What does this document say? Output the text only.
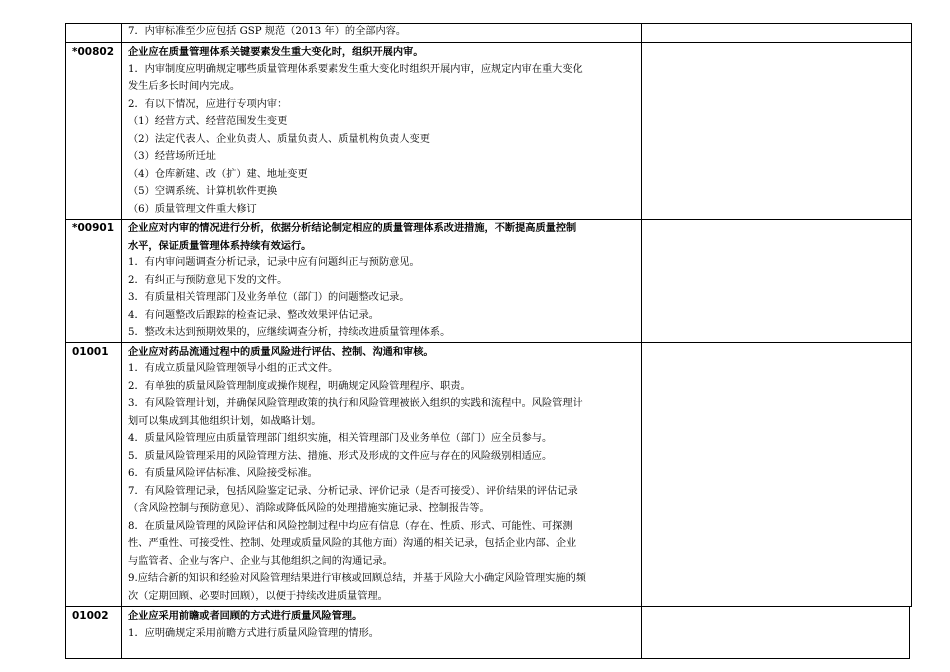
7．内审标准至少应包括 GSP 规范（2013 年）的全部内容。
*00802 企业应在质量管理体系关键要素发生重大变化时，组织开展内审。
1．内审制度应明确规定哪些质量管理体系要素发生重大变化时组织开展内审，应规定内审在重大变化
发生后多长时间内完成。
2．有以下情况，应进行专项内审：
（1）经营方式、经营范围发生变更
（2）法定代表人、企业负责人、质量负责人、质量机构负责人变更
（3）经营场所迁址
（4）仓库新建、改（扩）建、地址变更
（5）空调系统、计算机软件更换
（6）质量管理文件重大修订
*00901 企业应对内审的情况进行分析，依据分析结论制定相应的质量管理体系改进措施，不断提高质量控制
水平，保证质量管理体系持续有效运行。
1．有内审问题调查分析记录，记录中应有问题纠正与预防意见。
2．有纠正与预防意见下发的文件。
3．有质量相关管理部门及业务单位（部门）的问题整改记录。
4．有问题整改后跟踪的检查记录、整改效果评估记录。
5．整改未达到预期效果的，应继续调查分析，持续改进质量管理体系。
01001 企业应对药品流通过程中的质量风险进行评估、控制、沟通和审核。
1．有成立质量风险管理领导小组的正式文件。
2．有单独的质量风险管理制度或操作规程，明确规定风险管理程序、职责。
3．有风险管理计划，并确保风险管理政策的执行和风险管理被嵌入组织的实践和流程中。风险管理计
划可以集成到其他组织计划，如战略计划。
4．质量风险管理应由质量管理部门组织实施，相关管理部门及业务单位（部门）应全员参与。
5．质量风险管理采用的风险管理方法、措施、形式及形成的文件应与存在的风险级别相适应。
6．有质量风险评估标准、风险接受标准。
7．有风险管理记录，包括风险鉴定记录、分析记录、评价记录（是否可接受）、评价结果的评估记录
（含风险控制与预防意见）、消除或降低风险的处理措施实施记录、控制报告等。
8．在质量风险管理的风险评估和风险控制过程中均应有信息（存在、性质、形式、可能性、可探测
性、严重性、可接受性、控制、处理或质量风险的其他方面）沟通的相关记录，包括企业内部、企业
与监管者、企业与客户、企业与其他组织之间的沟通记录。
9.应结合新的知识和经验对风险管理结果进行审核或回顾总结，并基于风险大小确定风险管理实施的频
次（定期回顾、必要时回顾），以便于持续改进质量管理。
01002 企业应采用前瞻或者回顾的方式进行质量风险管理。
1．应明确规定采用前瞻方式进行质量风险管理的情形。
